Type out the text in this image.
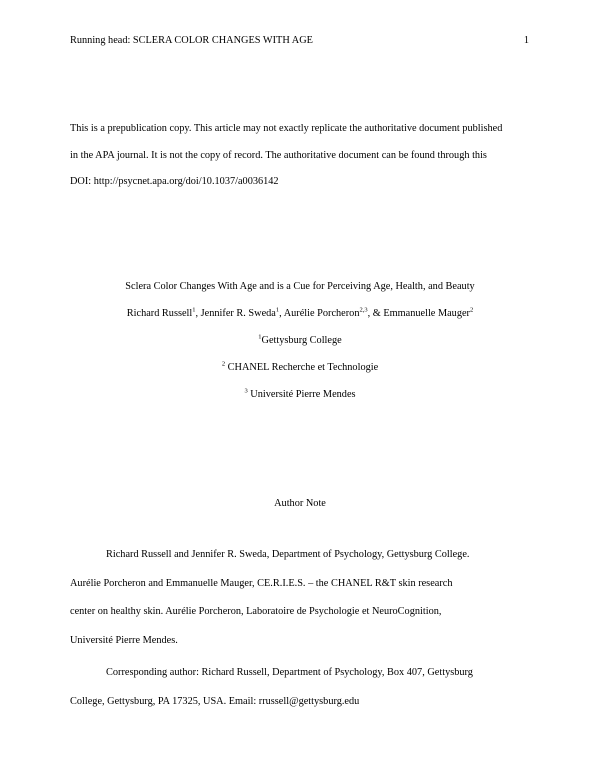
Running head: SCLERA COLOR CHANGES WITH AGE	1
This is a prepublication copy. This article may not exactly replicate the authoritative document published
in the APA journal. It is not the copy of record. The authoritative document can be found through this
DOI: http://psycnet.apa.org/doi/10.1037/a0036142
Sclera Color Changes With Age and is a Cue for Perceiving Age, Health, and Beauty
Richard Russell$^1$, Jennifer R. Sweda$^1$, Aurélie Porcheron$^{2,3}$, & Emmanuelle Mauger$^2$
$^1$Gettysburg College
$^2$ CHANEL Recherche et Technologie
$^3$ Université Pierre Mendes
Author Note
Richard Russell and Jennifer R. Sweda, Department of Psychology, Gettysburg College.
Aurélie Porcheron and Emmanuelle Mauger, CE.R.I.E.S. – the CHANEL R&T skin research
center on healthy skin. Aurélie Porcheron, Laboratoire de Psychologie et NeuroCognition,
Université Pierre Mendes.
Corresponding author: Richard Russell, Department of Psychology, Box 407, Gettysburg
College, Gettysburg, PA 17325, USA. Email: rrussell@gettysburg.edu
